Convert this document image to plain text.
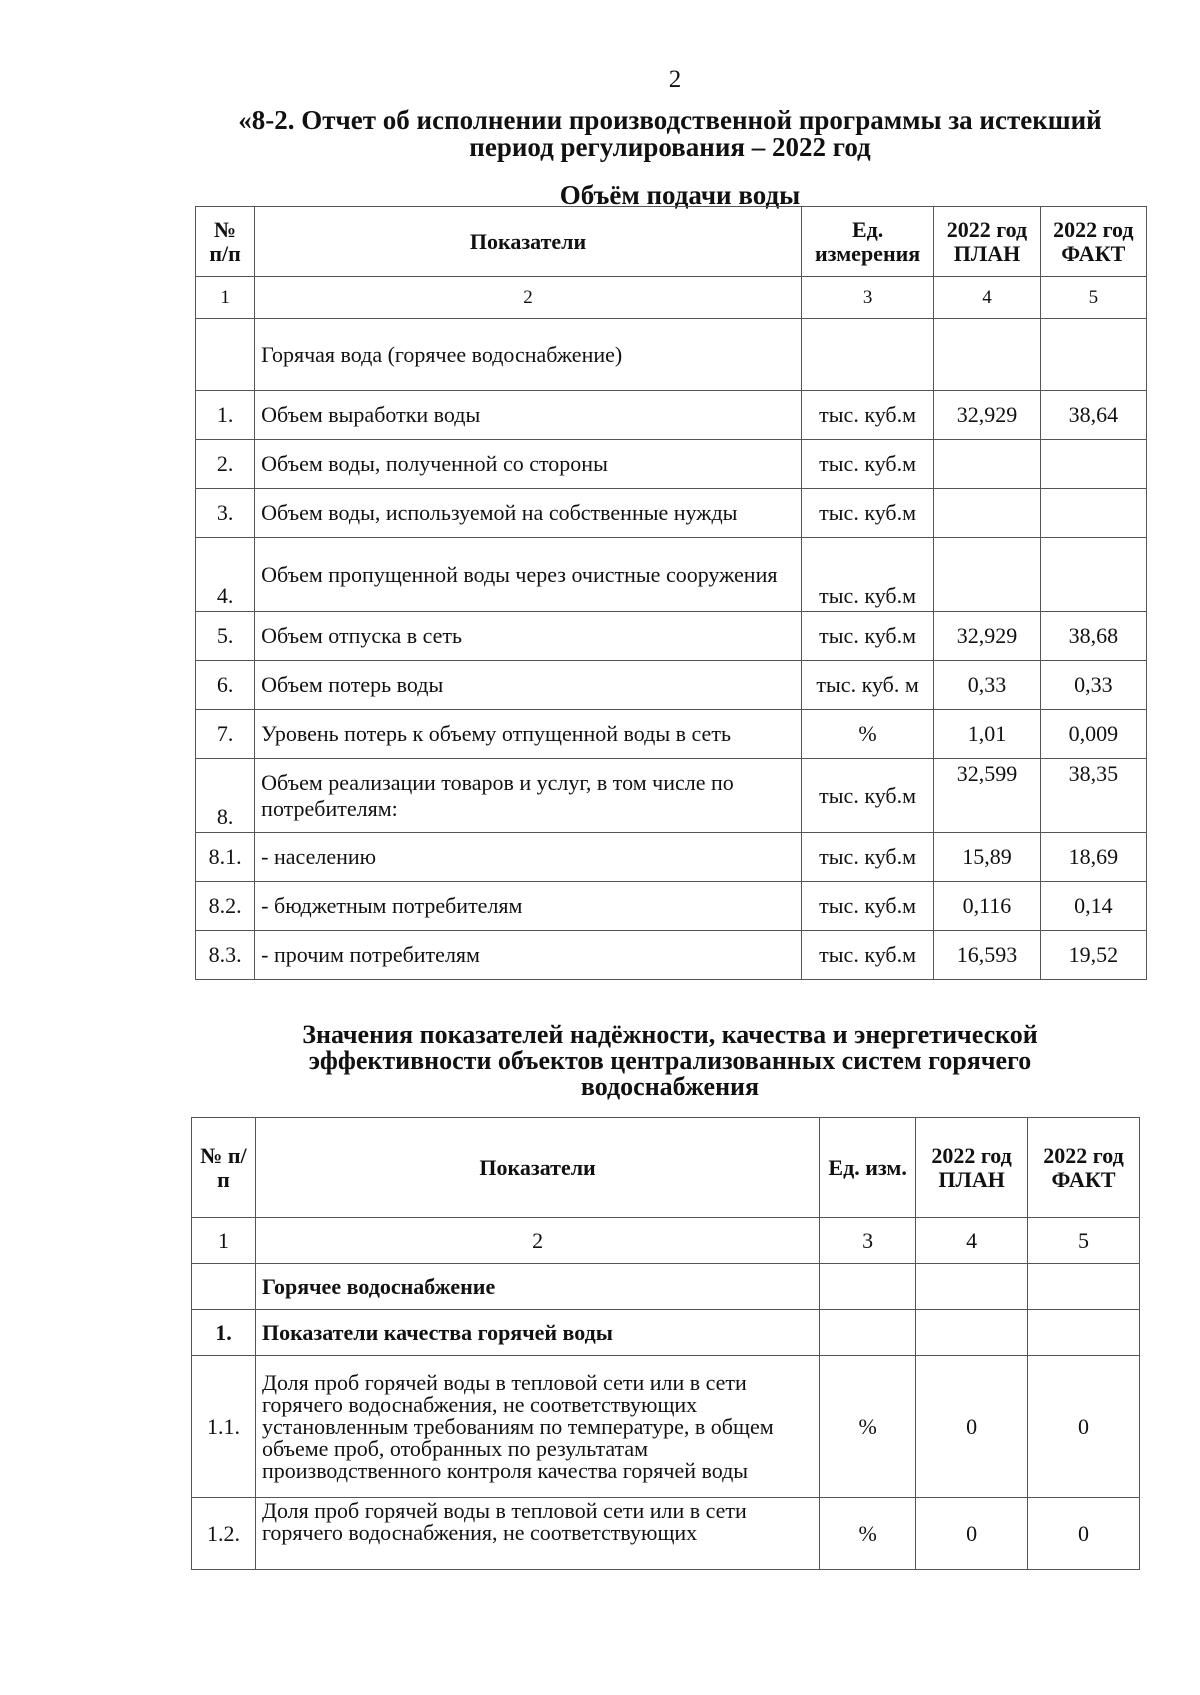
2
«8-2. Отчет об исполнении производственной программы за истекший
период регулирования – 2022 год
Объём подачи воды
№ п/п	Показатели	Ед. измерения	2022 год ПЛАН	2022 год ФАКТ
1	2	3	4	5
	Горячая вода (горячее водоснабжение)			
1.	Объем выработки воды	тыс. куб.м	32,929	38,64
2.	Объем воды, полученной со стороны	тыс. куб.м		
3.	Объем воды, используемой на собственные нужды	тыс. куб.м		
4.	Объем пропущенной воды через очистные сооружения	тыс. куб.м		
5.	Объем отпуска в сеть	тыс. куб.м	32,929	38,68
6.	Объем потерь воды	тыс. куб. м	0,33	0,33
7.	Уровень потерь к объему отпущенной воды в сеть	%	1,01	0,009
8.	Объем реализации товаров и услуг, в том числе по потребителям:	тыс. куб.м	32,599	38,35
8.1.	- населению	тыс. куб.м	15,89	18,69
8.2.	- бюджетным потребителям	тыс. куб.м	0,116	0,14
8.3.	- прочим потребителям	тыс. куб.м	16,593	19,52
Значения показателей надёжности, качества и энергетической эффективности объектов централизованных систем горячего водоснабжения
№ п/п	Показатели	Ед. изм.	2022 год ПЛАН	2022 год ФАКТ
1	2	3	4	5
	Горячее водоснабжение			
1.	Показатели качества горячей воды			
1.1.	Доля проб горячей воды в тепловой сети или в сети горячего водоснабжения, не соответствующих установленным требованиям по температуре, в общем объеме проб, отобранных по результатам производственного контроля качества горячей воды	%	0	0
1.2.	Доля проб горячей воды в тепловой сети или в сети горячего водоснабжения, не соответствующих	%	0	0
